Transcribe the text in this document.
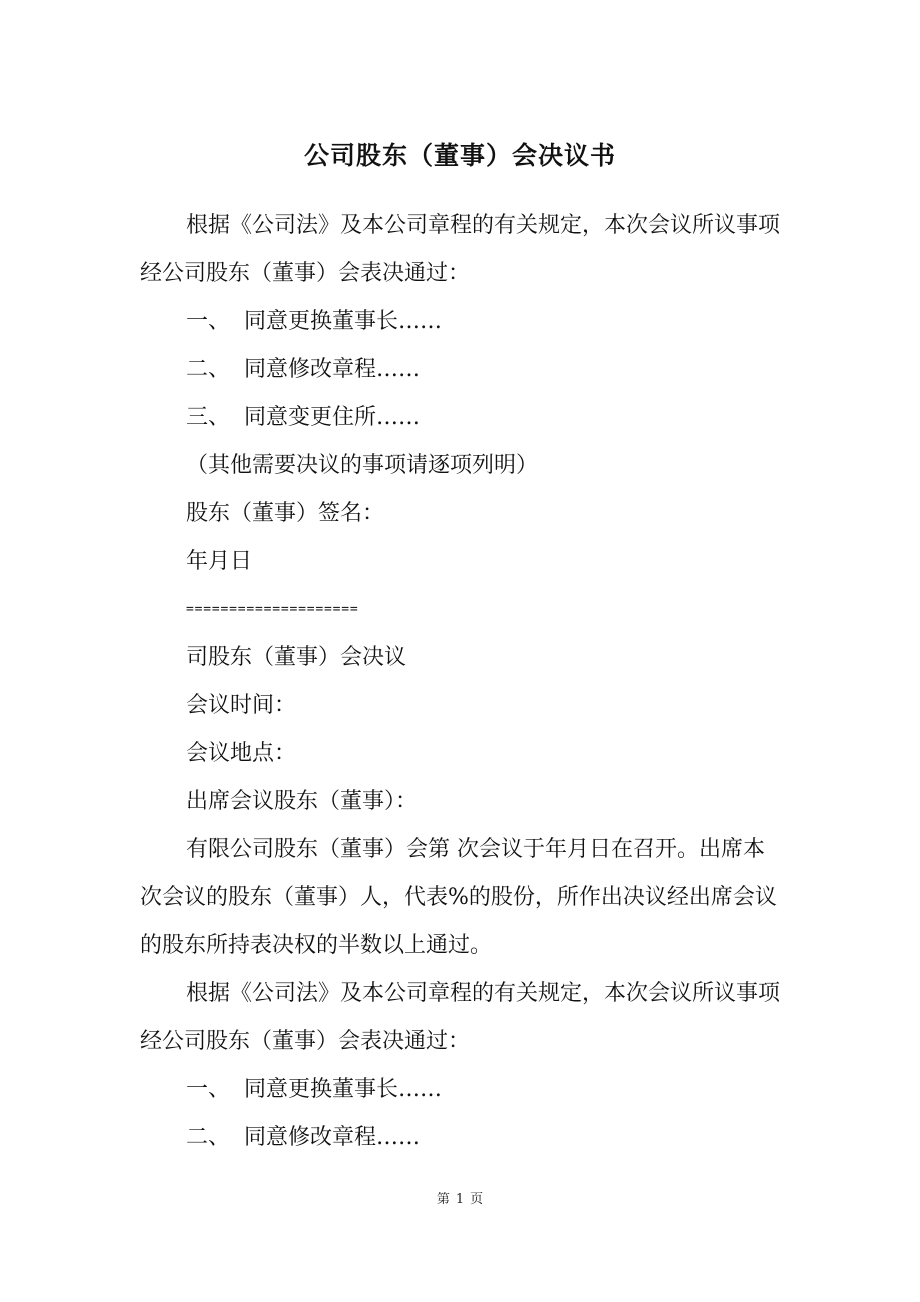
公司股东（董事）会决议书

根据《公司法》及本公司章程的有关规定，本次会议所议事项经公司股东（董事）会表决通过：

一、 同意更换董事长……

二、 同意修改章程……

三、 同意变更住所……

（其他需要决议的事项请逐项列明）

股东（董事）签名：

年月日

====================

司股东（董事）会决议

会议时间：

会议地点：

出席会议股东（董事）：

有限公司股东（董事）会第 次会议于年月日在召开。出席本次会议的股东（董事）人，代表%的股份，所作出决议经出席会议的股东所持表决权的半数以上通过。

根据《公司法》及本公司章程的有关规定，本次会议所议事项经公司股东（董事）会表决通过：

一、 同意更换董事长……

二、 同意修改章程……

第 1 页
